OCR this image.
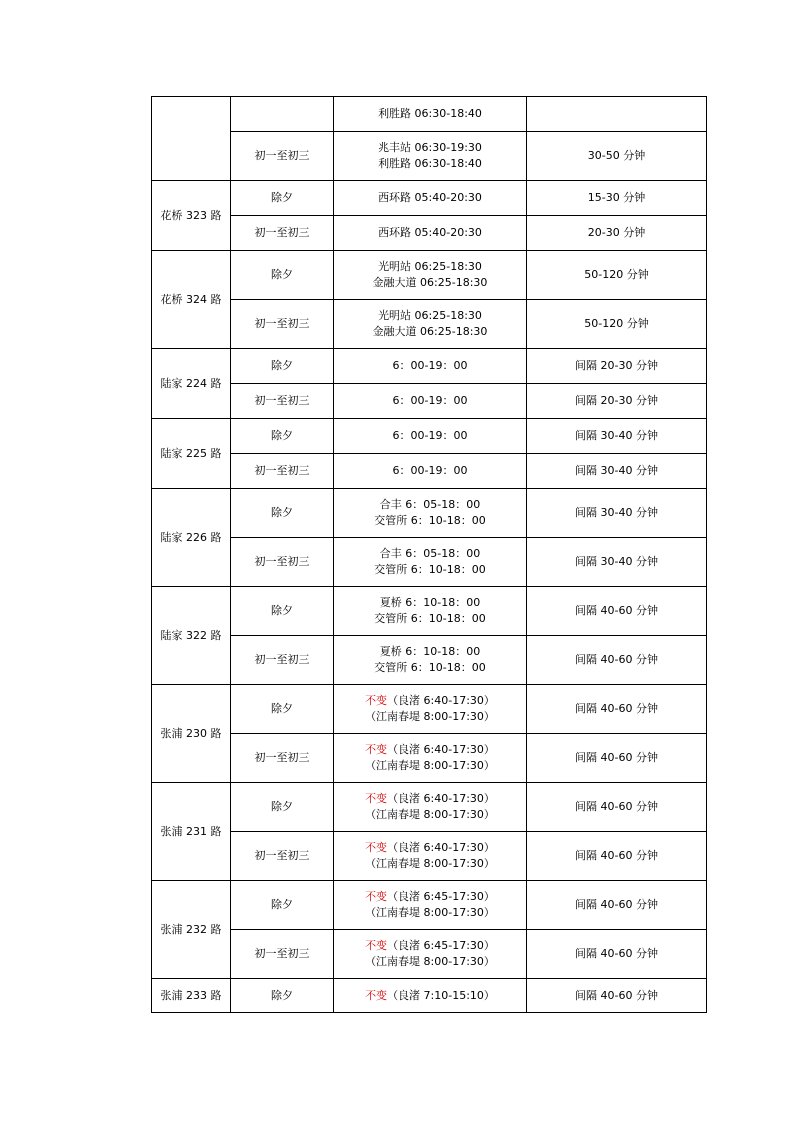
		利胜路 06:30-18:40	

	初一至初三	兆丰站 06:30-19:30
利胜路 06:30-18:40	30-50 分钟
花桥 323 路	除夕	西环路 05:40-20:30	15-30 分钟
	初一至初三	西环路 05:40-20:30	20-30 分钟
花桥 324 路	除夕	光明站 06:25-18:30
金融大道 06:25-18:30	50-120 分钟
	初一至初三	光明站 06:25-18:30
金融大道 06:25-18:30	50-120 分钟
陆家 224 路	除夕	6：00-19：00	间隔 20-30 分钟
	初一至初三	6：00-19：00	间隔 20-30 分钟
陆家 225 路	除夕	6：00-19：00	间隔 30-40 分钟
	初一至初三	6：00-19：00	间隔 30-40 分钟
陆家 226 路	除夕	合丰 6：05-18：00
交管所 6：10-18：00	间隔 30-40 分钟
	初一至初三	合丰 6：05-18：00
交管所 6：10-18：00	间隔 30-40 分钟
陆家 322 路	除夕	夏桥 6：10-18：00
交管所 6：10-18：00	间隔 40-60 分钟
	初一至初三	夏桥 6：10-18：00
交管所 6：10-18：00	间隔 40-60 分钟
张浦 230 路	除夕	不变（良渚 6:40-17:30）
（江南春堤 8:00-17:30）	间隔 40-60 分钟
	初一至初三	不变（良渚 6:40-17:30）
（江南春堤 8:00-17:30）	间隔 40-60 分钟
张浦 231 路	除夕	不变（良渚 6:40-17:30）
（江南春堤 8:00-17:30）	间隔 40-60 分钟
	初一至初三	不变（良渚 6:40-17:30）
（江南春堤 8:00-17:30）	间隔 40-60 分钟
张浦 232 路	除夕	不变（良渚 6:45-17:30）
（江南春堤 8:00-17:30）	间隔 40-60 分钟
	初一至初三	不变（良渚 6:45-17:30）
（江南春堤 8:00-17:30）	间隔 40-60 分钟
张浦 233 路	除夕	不变（良渚 7:10-15:10）	间隔 40-60 分钟
